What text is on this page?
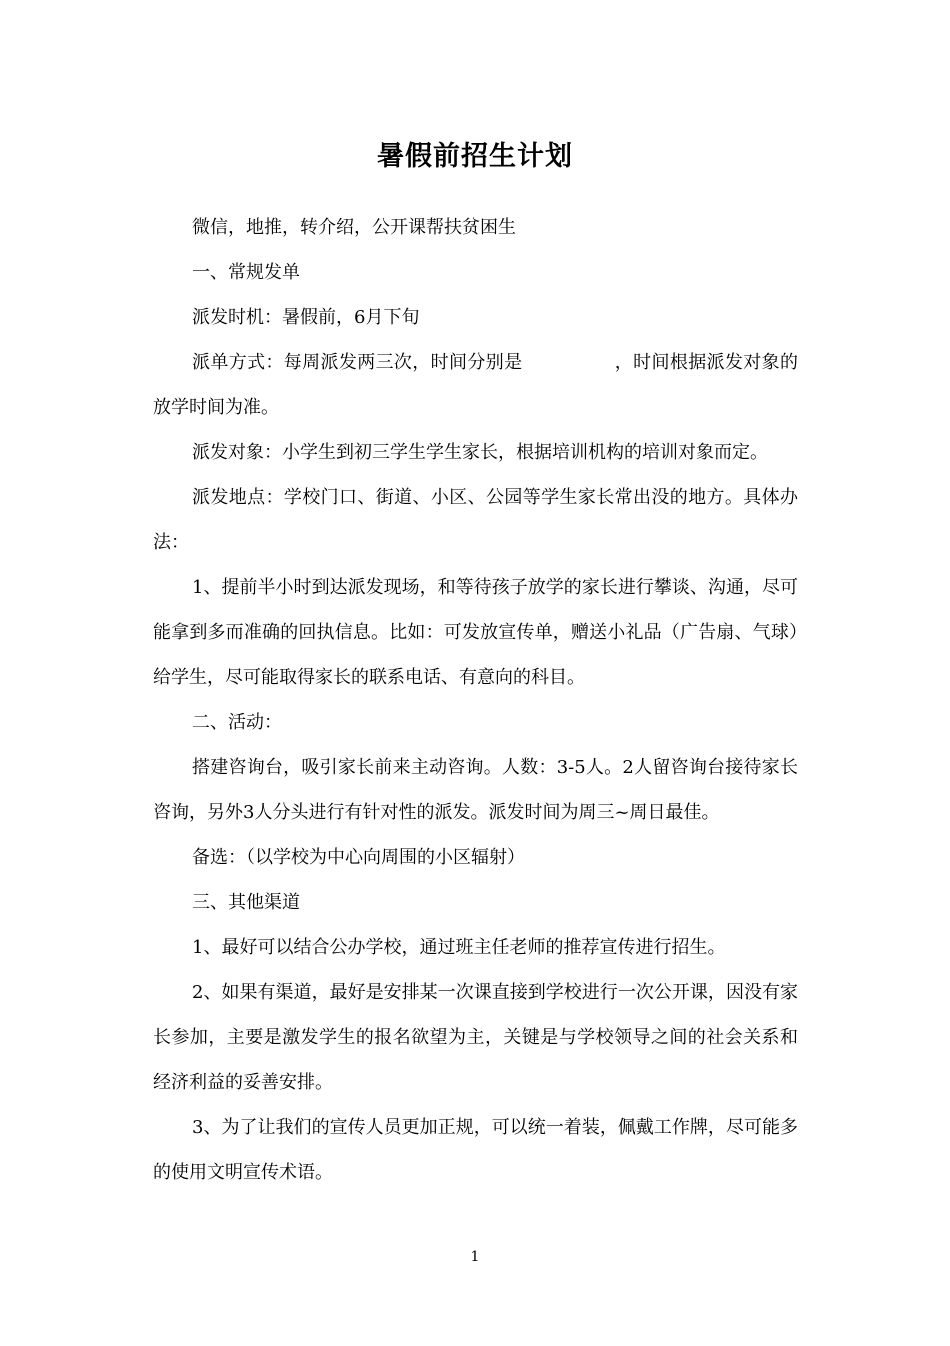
暑假前招生计划

微信，地推，转介绍，公开课帮扶贫困生

一、常规发单

派发时机：暑假前，6月下旬

派单方式：每周派发两三次，时间分别是	，时间根据派发对象的放学时间为准。

派发对象：小学生到初三学生学生家长，根据培训机构的培训对象而定。

派发地点：学校门口、街道、小区、公园等学生家长常出没的地方。具体办法：

1、提前半小时到达派发现场，和等待孩子放学的家长进行攀谈、沟通，尽可能拿到多而准确的回执信息。比如：可发放宣传单，赠送小礼品（广告扇、气球）给学生，尽可能取得家长的联系电话、有意向的科目。

二、活动：

搭建咨询台，吸引家长前来主动咨询。人数：3-5人。2人留咨询台接待家长咨询，另外3人分头进行有针对性的派发。派发时间为周三~周日最佳。

备选：（以学校为中心向周围的小区辐射）

三、其他渠道

1、最好可以结合公办学校，通过班主任老师的推荐宣传进行招生。

2、如果有渠道，最好是安排某一次课直接到学校进行一次公开课，因没有家长参加，主要是激发学生的报名欲望为主，关键是与学校领导之间的社会关系和经济利益的妥善安排。

3、为了让我们的宣传人员更加正规，可以统一着装，佩戴工作牌，尽可能多的使用文明宣传术语。

1
